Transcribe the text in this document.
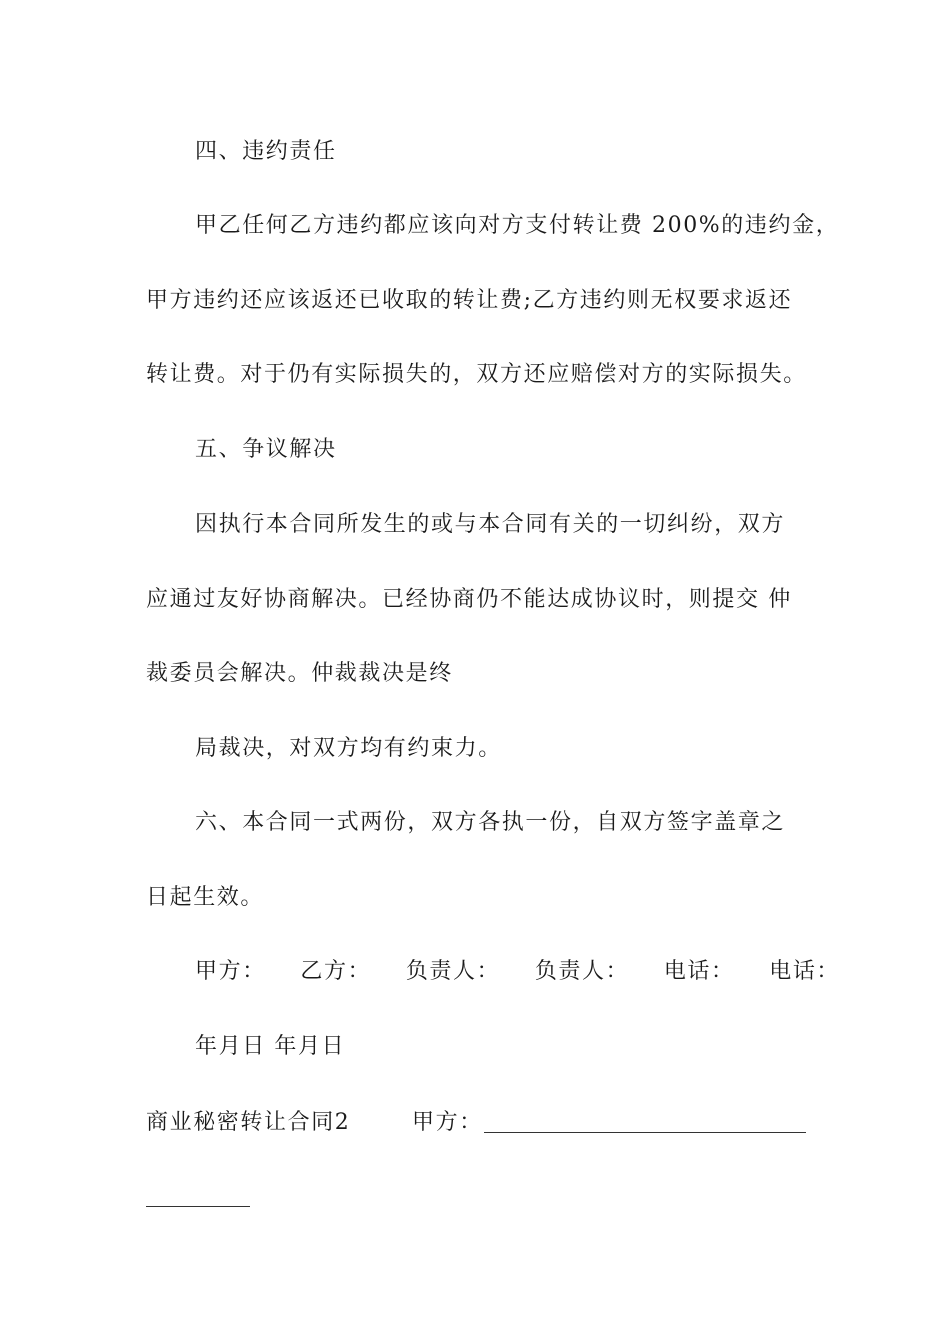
四、违约责任
甲乙任何乙方违约都应该向对方支付转让费 200%的违约金，
甲方违约还应该返还已收取的转让费;乙方违约则无权要求返还
转让费。对于仍有实际损失的，双方还应赔偿对方的实际损失。
五、争议解决
因执行本合同所发生的或与本合同有关的一切纠纷，双方
应通过友好协商解决。已经协商仍不能达成协议时，则提交 仲
裁委员会解决。仲裁裁决是终
局裁决，对双方均有约束力。
六、本合同一式两份，双方各执一份，自双方签字盖章之
日起生效。
甲方： 乙方： 负责人： 负责人： 电话： 电话：
年月日 年月日
商业秘密转让合同2	甲方：
